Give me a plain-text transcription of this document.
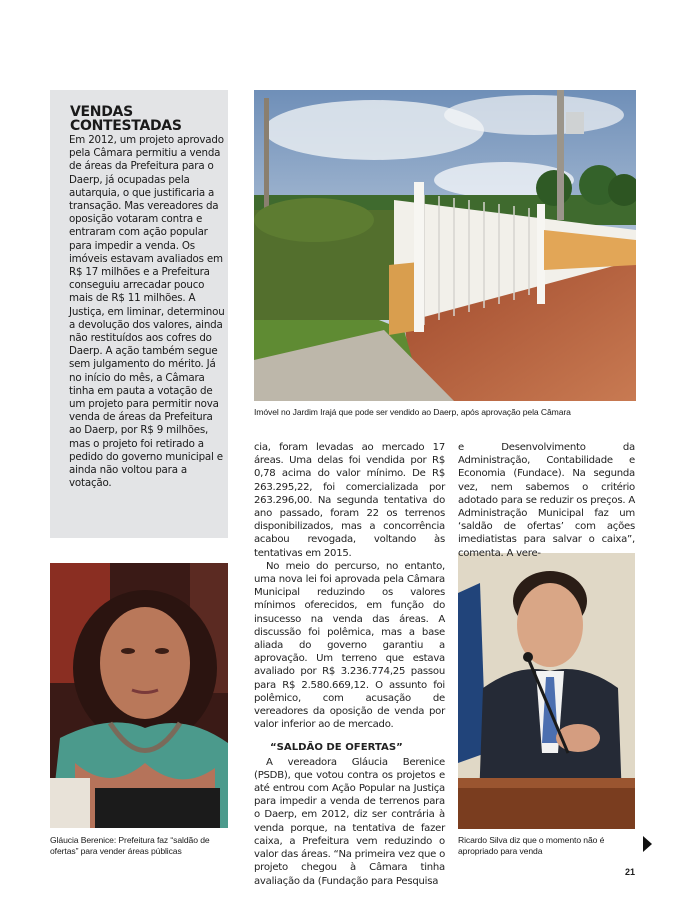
VENDAS CONTESTADAS

Em 2012, um projeto aprovado pela Câmara permitiu a venda de áreas da Prefeitura para o Daerp, já ocupadas pela autarquia, o que justificaria a transação. Mas vereadores da oposição votaram contra e entraram com ação popular para impedir a venda. Os imóveis estavam avaliados em R$ 17 milhões e a Prefeitura conseguiu arrecadar pouco mais de R$ 11 milhões. A Justiça, em liminar, determinou a devolução dos valores, ainda não restituídos aos cofres do Daerp. A ação também segue sem julgamento do mérito. Já no início do mês, a Câmara tinha em pauta a votação de um projeto para permitir nova venda de áreas da Prefeitura ao Daerp, por R$ 9 milhões, mas o projeto foi retirado a pedido do governo municipal e ainda não voltou para a votação.

Imóvel no Jardim Irajá que pode ser vendido ao Daerp, após aprovação pela Câmara

Gláucia Berenice: Prefeitura faz “saldão de ofertas” para vender áreas públicas

Ricardo Silva diz que o momento não é apropriado para venda

cia, foram levadas ao mercado 17 áreas. Uma delas foi vendida por R$ 0,78 acima do valor mínimo. De R$ 263.295,22, foi comercializada por 263.296,00. Na segunda tentativa do ano passado, foram 22 os terrenos disponibilizados, mas a concorrência acabou revogada, voltando às tentativas em 2015.

No meio do percurso, no entanto, uma nova lei foi aprovada pela Câmara Municipal reduzindo os valores mínimos oferecidos, em função do insucesso na venda das áreas. A discussão foi polêmica, mas a base aliada do governo garantiu a aprovação. Um terreno que estava avaliado por R$ 3.236.774,25 passou para R$ 2.580.669,12. O assunto foi polêmico, com acusação de vereadores da oposição de venda por valor inferior ao de mercado.

“SALDÃO DE OFERTAS”

A vereadora Gláucia Berenice (PSDB), que votou contra os projetos e até entrou com Ação Popular na Justiça para impedir a venda de terrenos para o Daerp, em 2012, diz ser contrária à venda porque, na tentativa de fazer caixa, a Prefeitura vem reduzindo o valor das áreas. “Na primeira vez que o projeto chegou à Câmara tinha avaliação da (Fundação para Pesquisa

e Desenvolvimento da Administração, Contabilidade e Economia (Fundace). Na segunda vez, nem sabemos o critério adotado para se reduzir os preços. A Administração Municipal faz um ‘saldão de ofertas’ com ações imediatistas para salvar o caixa”, comenta. A vere-

21
